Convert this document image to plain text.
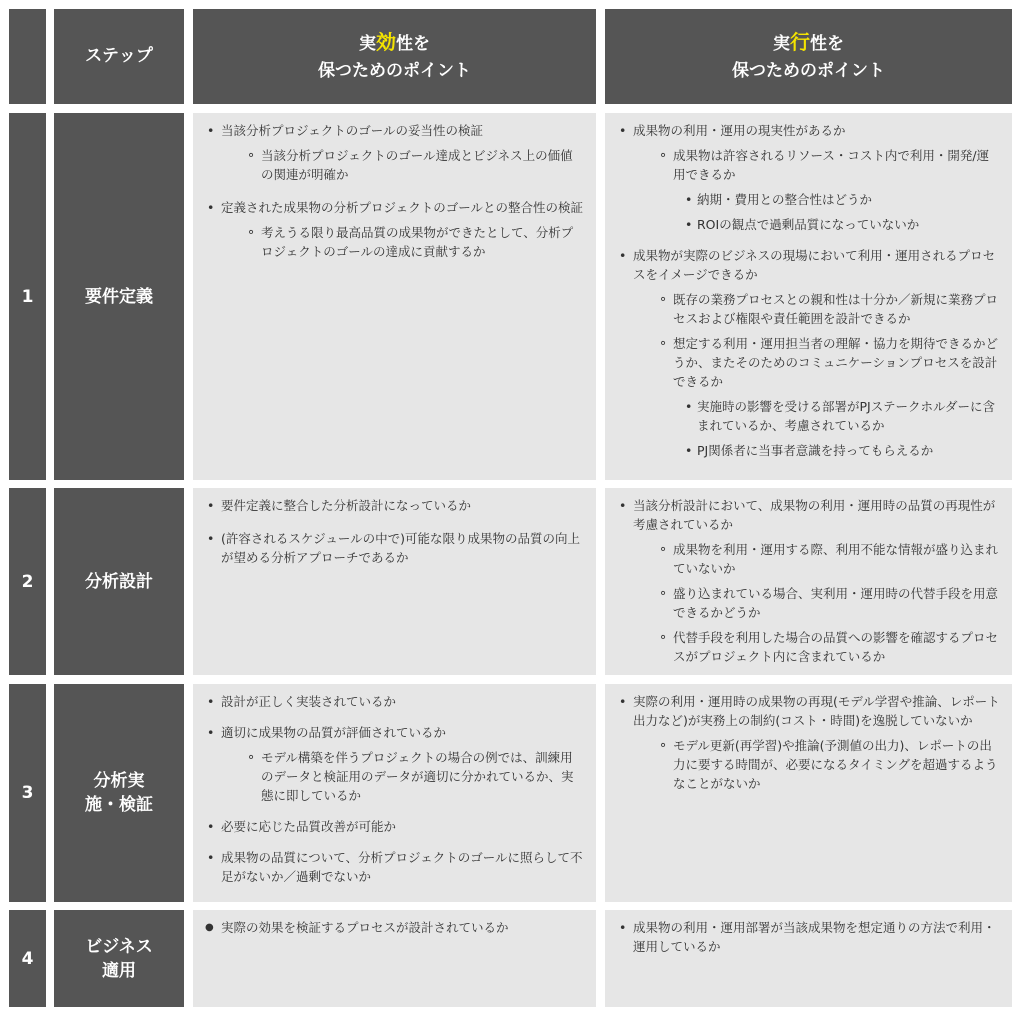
ステップ
実効性を
保つためのポイント
実行性を
保つためのポイント
1	要件定義
• 当該分析プロジェクトのゴールの妥当性の検証
∘ 当該分析プロジェクトのゴール達成とビジネス上の価値の関連が明確か
• 定義された成果物の分析プロジェクトのゴールとの整合性の検証
∘ 考えうる限り最高品質の成果物ができたとして、分析プロジェクトのゴールの達成に貢献するか
• 成果物の利用・運用の現実性があるか
∘ 成果物は許容されるリソース・コスト内で利用・開発/運用できるか
• 納期・費用との整合性はどうか
• ROIの観点で過剰品質になっていないか
• 成果物が実際のビジネスの現場において利用・運用されるプロセスをイメージできるか
∘ 既存の業務プロセスとの親和性は十分か／新規に業務プロセスおよび権限や責任範囲を設計できるか
∘ 想定する利用・運用担当者の理解・協力を期待できるかどうか、またそのためのコミュニケーションプロセスを設計できるか
• 実施時の影響を受ける部署がPJステークホルダーに含まれているか、考慮されているか
• PJ関係者に当事者意識を持ってもらえるか
2	分析設計
• 要件定義に整合した分析設計になっているか
• (許容されるスケジュールの中で)可能な限り成果物の品質の向上が望める分析アプローチであるか
• 当該分析設計において、成果物の利用・運用時の品質の再現性が考慮されているか
∘ 成果物を利用・運用する際、利用不能な情報が盛り込まれていないか
∘ 盛り込まれている場合、実利用・運用時の代替手段を用意できるかどうか
∘ 代替手段を利用した場合の品質への影響を確認するプロセスがプロジェクト内に含まれているか
3
分析実施・検証
• 設計が正しく実装されているか
• 適切に成果物の品質が評価されているか
∘ モデル構築を伴うプロジェクトの場合の例では、訓練用のデータと検証用のデータが適切に分かれているか、実態に即しているか
• 必要に応じた品質改善が可能か
• 成果物の品質について、分析プロジェクトのゴールに照らして不足がないか／過剰でないか
• 実際の利用・運用時の成果物の再現(モデル学習や推論、レポート出力など)が実務上の制約(コスト・時間)を逸脱していないか
∘ モデル更新(再学習)や推論(予測値の出力)、レポートの出力に要する時間が、必要になるタイミングを超過するようなことがないか
4
ビジネス適用
● 実際の効果を検証するプロセスが設計されているか
•	成果物の利用・運用部署が当該成果物を想定通りの方法で利用・運用しているか
